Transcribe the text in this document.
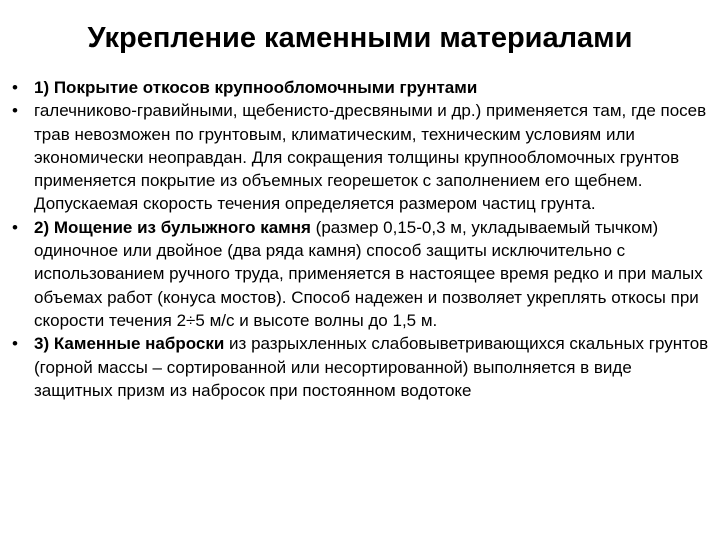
Укрепление каменными материалами
• 1) Покрытие откосов крупнообломочными грунтами
• галечниково-гравийными, щебенисто-дресвяными и др.) применяется там, где посев трав невозможен по грунтовым, климатическим, техническим условиям или экономически неоправдан. Для сокращения толщины крупнообломочных грунтов применяется покрытие из объемных георешеток с заполнением его щебнем. Допускаемая скорость течения определяется размером частиц грунта.
• 2) Мощение из булыжного камня (размер 0,15-0,3 м, укладываемый тычком) одиночное или двойное (два ряда камня) способ защиты исключительно с использованием ручного труда, применяется в настоящее время редко и при малых объемах работ (конуса мостов). Способ надежен и позволяет укреплять откосы при скорости течения 2÷5 м/с и высоте волны до 1,5 м.
• 3) Каменные наброски из разрыхленных слабовыветривающихся скальных грунтов (горной массы – сортированной или несортированной) выполняется в виде защитных призм из набросок при постоянном водотоке
